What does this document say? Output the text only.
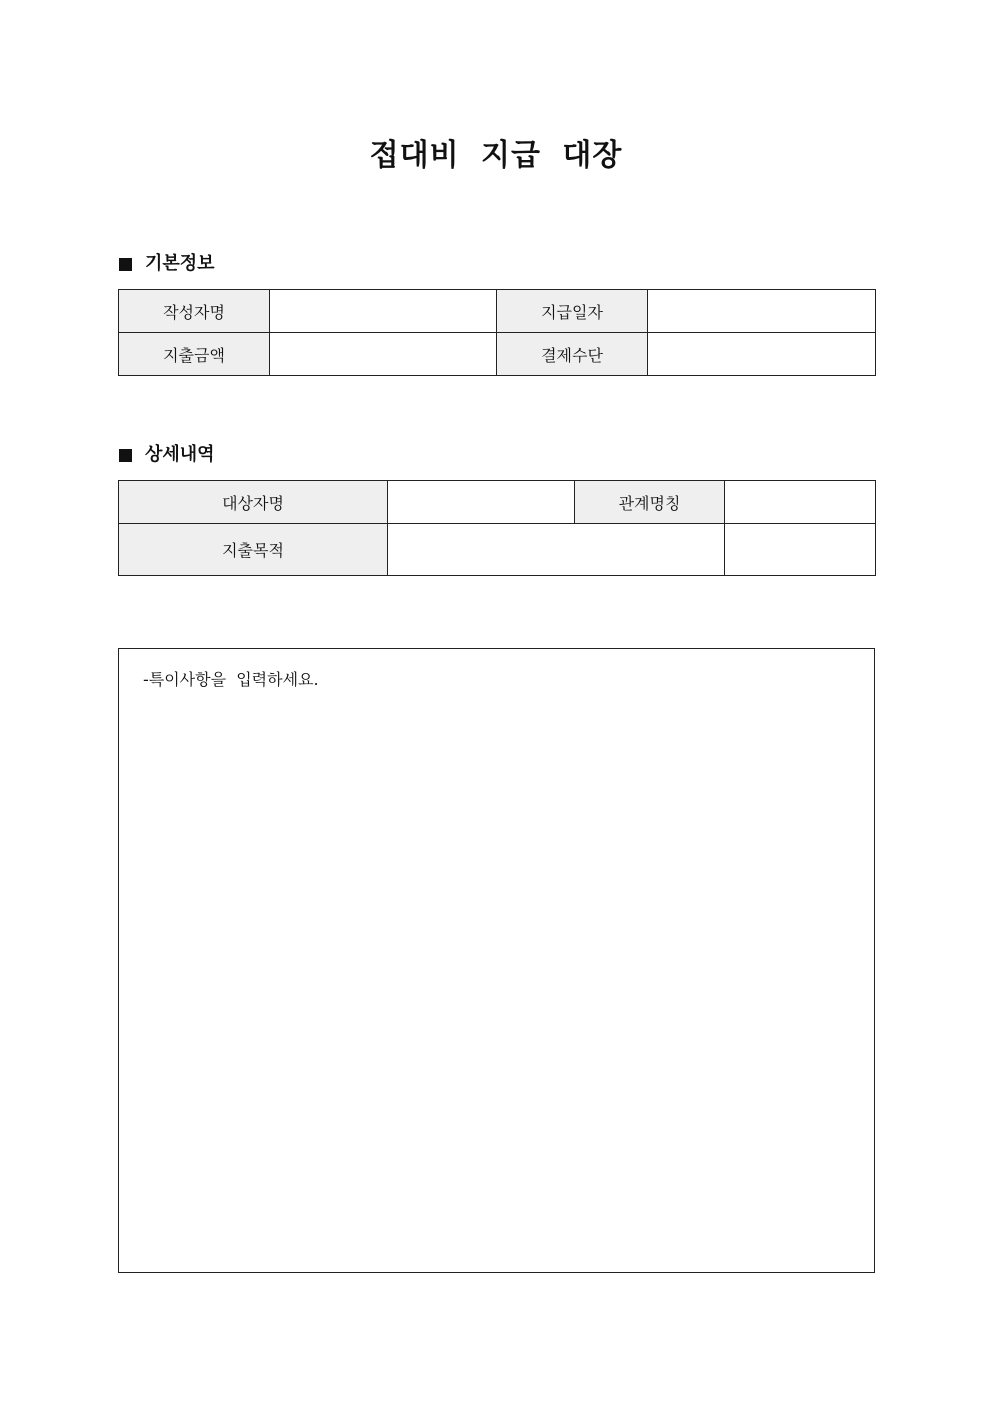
접대비 지급 대장
기본정보
작성자명		지급일자	
지출금액		결제수단	
상세내역
대상자명		관계명칭	
지출목적			
-특이사항을  입력하세요.
